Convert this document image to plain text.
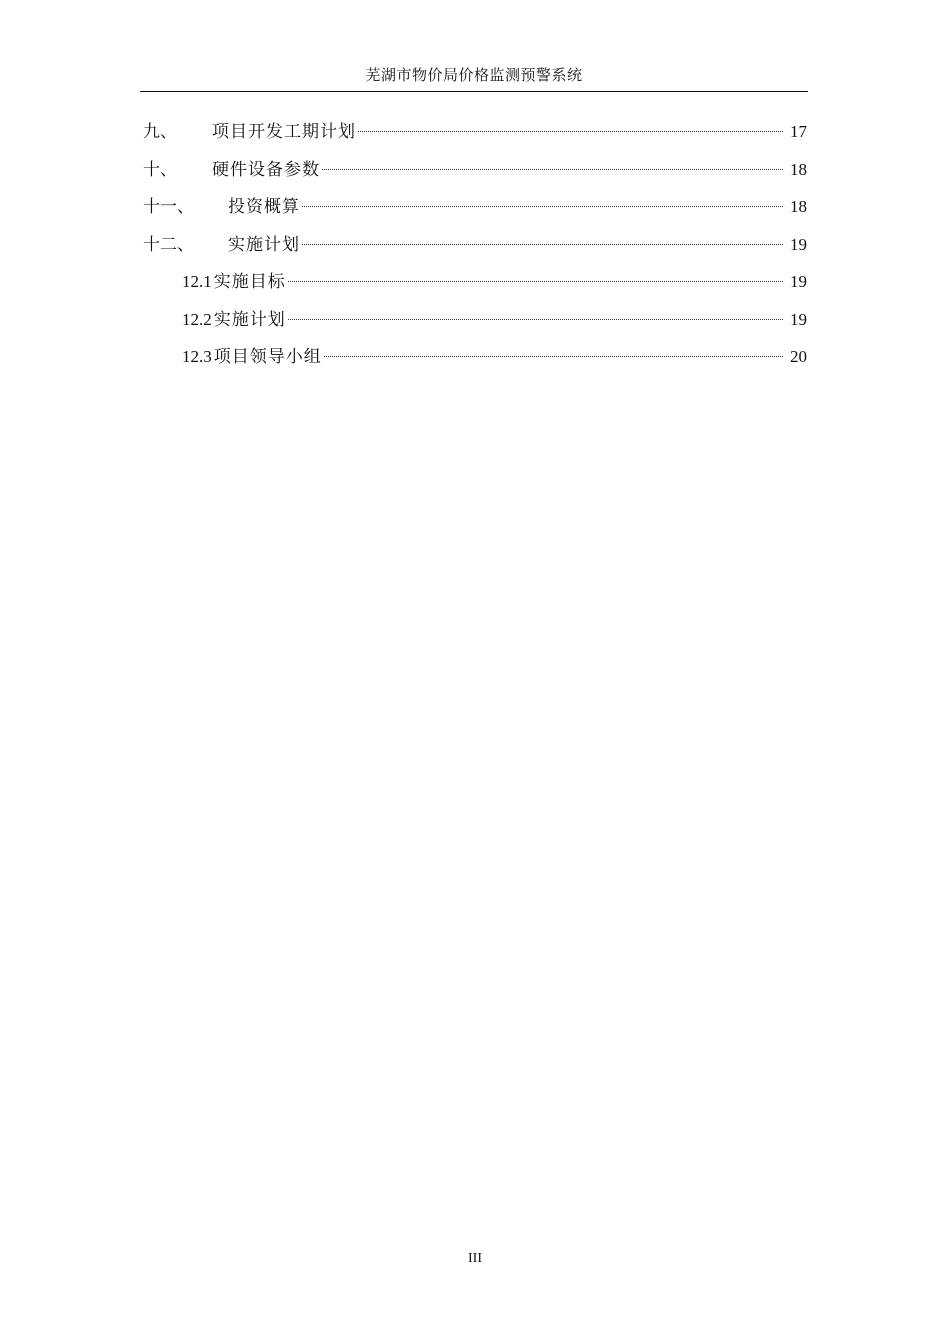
芜湖市物价局价格监测预警系统
九、	项目开发工期计划	17
十、	硬件设备参数	18
十一、	投资概算	18
十二、	实施计划	19
12.1 实施目标	19
12.2 实施计划	19
12.3 项目领导小组	20
III
